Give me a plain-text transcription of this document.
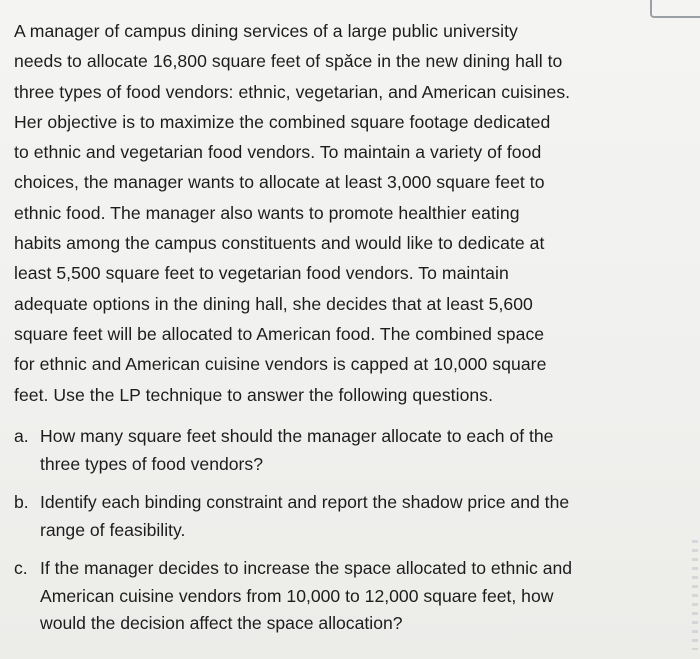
A manager of campus dining services of a large public university
needs to allocate 16,800 square feet of spǎce in the new dining hall to
three types of food vendors: ethnic, vegetarian, and American cuisines.
Her objective is to maximize the combined square footage dedicated
to ethnic and vegetarian food vendors. To maintain a variety of food
choices, the manager wants to allocate at least 3,000 square feet to
ethnic food. The manager also wants to promote healthier eating
habits among the campus constituents and would like to dedicate at
least 5,500 square feet to vegetarian food vendors. To maintain
adequate options in the dining hall, she decides that at least 5,600
square feet will be allocated to American food. The combined space
for ethnic and American cuisine vendors is capped at 10,000 square
feet. Use the LP technique to answer the following questions.

a. How many square feet should the manager allocate to each of the
three types of food vendors?
b. Identify each binding constraint and report the shadow price and the
range of feasibility.
c. If the manager decides to increase the space allocated to ethnic and
American cuisine vendors from 10,000 to 12,000 square feet, how
would the decision affect the space allocation?
